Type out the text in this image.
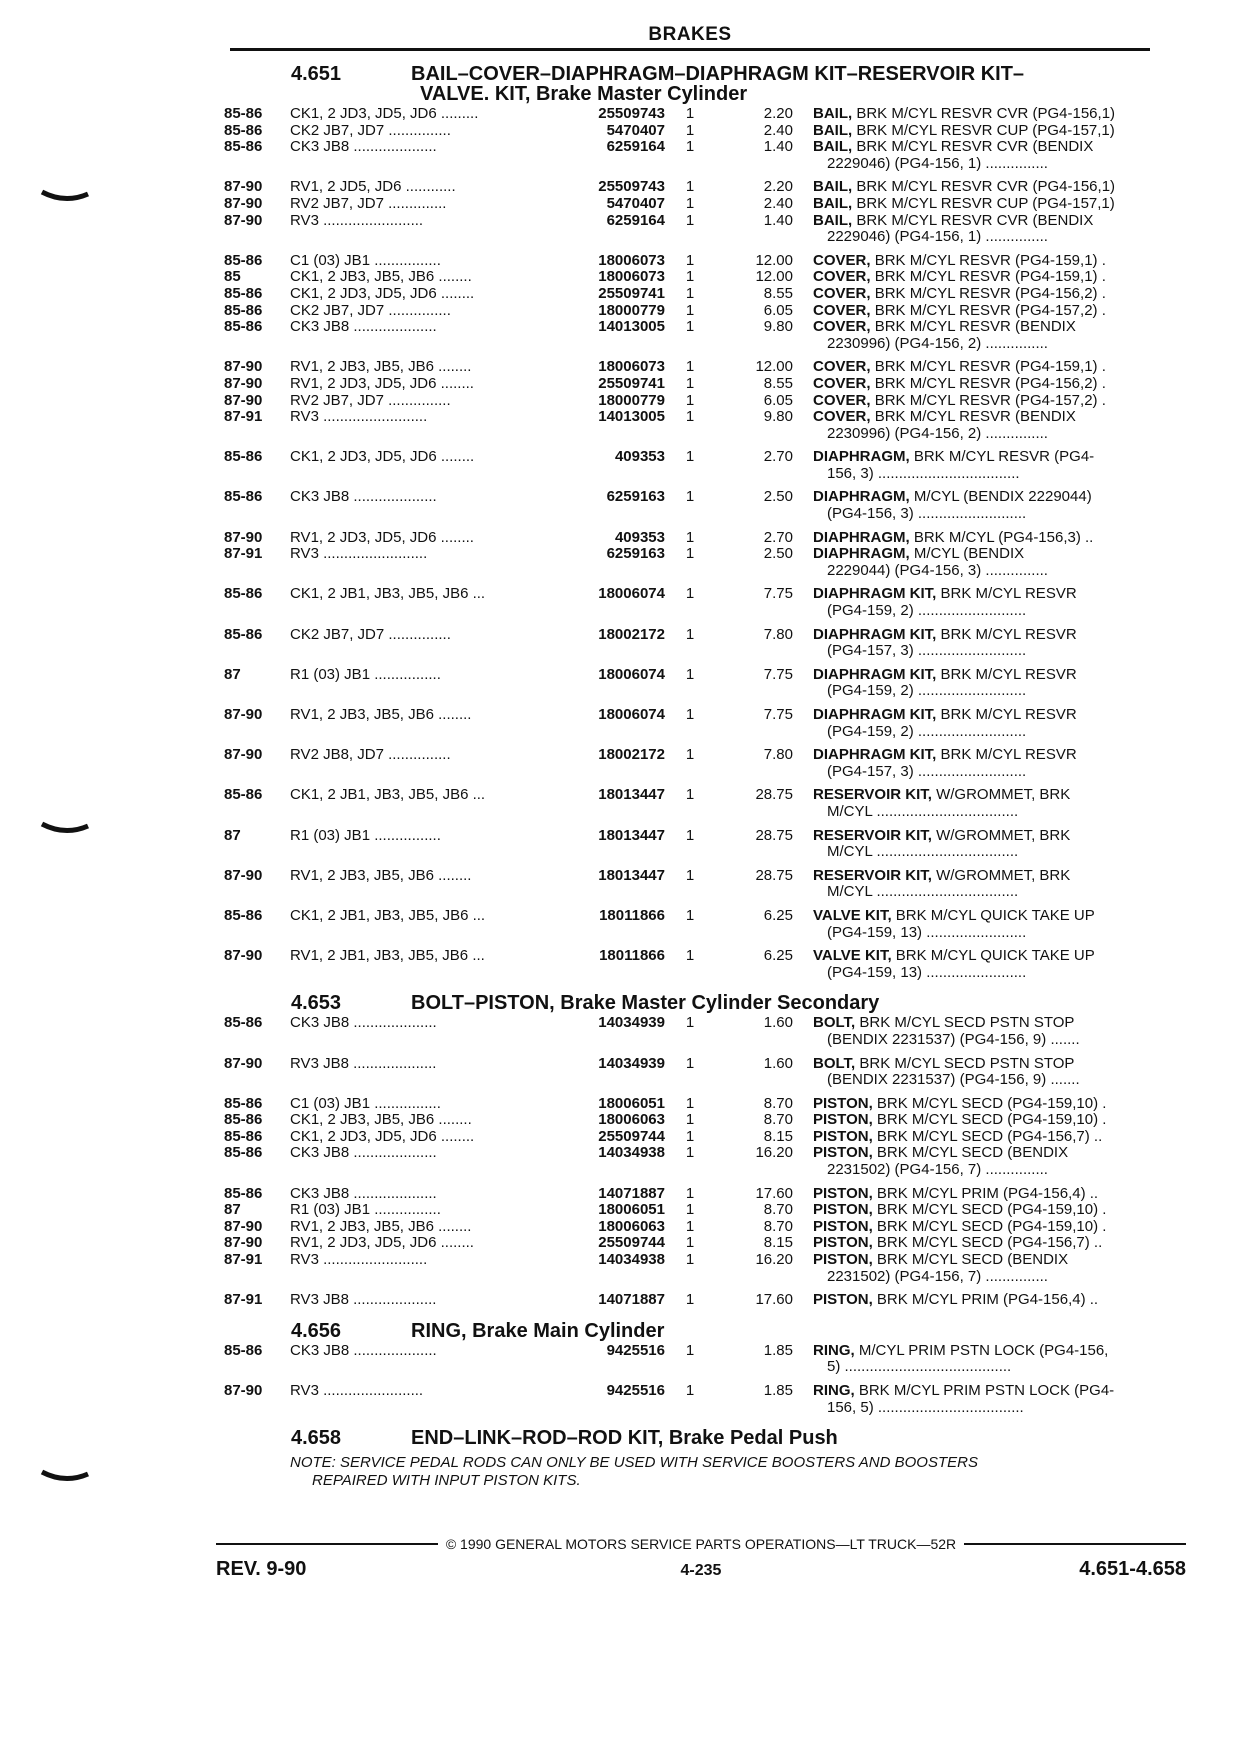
BRAKES
4.651	BAIL–COVER–DIAPHRAGM–DIAPHRAGM KIT–RESERVOIR KIT–
VALVE. KIT, Brake Master Cylinder
85-86	CK1, 2 JD3, JD5, JD6 .........	25509743	1	2.20 BAIL, BRK M/CYL RESVR CVR (PG4-156,1)
85-86	CK2 JB7, JD7 ...............	5470407	1	2.40 BAIL, BRK M/CYL RESVR CUP (PG4-157,1)
85-86	CK3 JB8 ....................	6259164	1	1.40 BAIL, BRK M/CYL RESVR CVR (BENDIX
2229046) (PG4-156, 1) ...............
87-90	RV1, 2 JD5, JD6 ............	25509743	1	2.20 BAIL, BRK M/CYL RESVR CVR (PG4-156,1)
87-90	RV2 JB7, JD7 ..............	5470407	1	2.40 BAIL, BRK M/CYL RESVR CUP (PG4-157,1)
87-90	RV3 ........................	6259164	1	1.40 BAIL, BRK M/CYL RESVR CVR (BENDIX
2229046) (PG4-156, 1) ...............
85-86	C1 (03) JB1 ................	18006073	1	12.00 COVER, BRK M/CYL RESVR (PG4-159,1) .
85	CK1, 2 JB3, JB5, JB6 ........	18006073	1	12.00 COVER, BRK M/CYL RESVR (PG4-159,1) .
85-86	CK1, 2 JD3, JD5, JD6 ........	25509741	1	8.55 COVER, BRK M/CYL RESVR (PG4-156,2) .
85-86	CK2 JB7, JD7 ...............	18000779	1	6.05 COVER, BRK M/CYL RESVR (PG4-157,2) .
85-86	CK3 JB8 ....................	14013005	1	9.80 COVER, BRK M/CYL RESVR (BENDIX
2230996) (PG4-156, 2) ...............
87-90	RV1, 2 JB3, JB5, JB6 ........	18006073	1	12.00 COVER, BRK M/CYL RESVR (PG4-159,1) .
87-90	RV1, 2 JD3, JD5, JD6 ........	25509741	1	8.55 COVER, BRK M/CYL RESVR (PG4-156,2) .
87-90	RV2 JB7, JD7 ...............	18000779	1	6.05 COVER, BRK M/CYL RESVR (PG4-157,2) .
87-91	RV3 .........................	14013005	1	9.80 COVER, BRK M/CYL RESVR (BENDIX
2230996) (PG4-156, 2) ...............
85-86	CK1, 2 JD3, JD5, JD6 ........	409353	1	2.70 DIAPHRAGM, BRK M/CYL RESVR (PG4-
156, 3) ..................................
85-86	CK3 JB8 ....................	6259163	1	2.50 DIAPHRAGM, M/CYL (BENDIX 2229044)
(PG4-156, 3) ..........................
87-90	RV1, 2 JD3, JD5, JD6 ........	409353	1	2.70 DIAPHRAGM, BRK M/CYL (PG4-156,3) ..
87-91	RV3 .........................	6259163	1	2.50 DIAPHRAGM, M/CYL (BENDIX
2229044) (PG4-156, 3) ...............
85-86	CK1, 2 JB1, JB3, JB5, JB6 ...	18006074	1	7.75 DIAPHRAGM KIT, BRK M/CYL RESVR
(PG4-159, 2) ..........................
85-86	CK2 JB7, JD7 ...............	18002172	1	7.80 DIAPHRAGM KIT, BRK M/CYL RESVR
(PG4-157, 3) ..........................
87	R1 (03) JB1 ................	18006074	1	7.75 DIAPHRAGM KIT, BRK M/CYL RESVR
(PG4-159, 2) ..........................
87-90	RV1, 2 JB3, JB5, JB6 ........	18006074	1	7.75 DIAPHRAGM KIT, BRK M/CYL RESVR
(PG4-159, 2) ..........................
87-90	RV2 JB8, JD7 ...............	18002172	1	7.80 DIAPHRAGM KIT, BRK M/CYL RESVR
(PG4-157, 3) ..........................
85-86	CK1, 2 JB1, JB3, JB5, JB6 ...	18013447	1	28.75 RESERVOIR KIT, W/GROMMET, BRK
M/CYL ..................................
87	R1 (03) JB1 ................	18013447	1	28.75 RESERVOIR KIT, W/GROMMET, BRK
M/CYL ..................................
87-90	RV1, 2 JB3, JB5, JB6 ........	18013447	1	28.75 RESERVOIR KIT, W/GROMMET, BRK
M/CYL ..................................
85-86	CK1, 2 JB1, JB3, JB5, JB6 ...	18011866	1	6.25 VALVE KIT, BRK M/CYL QUICK TAKE UP
(PG4-159, 13) ........................
87-90	RV1, 2 JB1, JB3, JB5, JB6 ...	18011866	1	6.25 VALVE KIT, BRK M/CYL QUICK TAKE UP
(PG4-159, 13) ........................
4.653	BOLT–PISTON, Brake Master Cylinder Secondary
85-86	CK3 JB8 ....................	14034939	1	1.60 BOLT, BRK M/CYL SECD PSTN STOP
(BENDIX 2231537) (PG4-156, 9) .......
87-90	RV3 JB8 ....................	14034939	1	1.60 BOLT, BRK M/CYL SECD PSTN STOP
(BENDIX 2231537) (PG4-156, 9) .......
85-86	C1 (03) JB1 ................	18006051	1	8.70 PISTON, BRK M/CYL SECD (PG4-159,10) .
85-86	CK1, 2 JB3, JB5, JB6 ........	18006063	1	8.70 PISTON, BRK M/CYL SECD (PG4-159,10) .
85-86	CK1, 2 JD3, JD5, JD6 ........	25509744	1	8.15 PISTON, BRK M/CYL SECD (PG4-156,7) ..
85-86	CK3 JB8 ....................	14034938	1	16.20 PISTON, BRK M/CYL SECD (BENDIX
2231502) (PG4-156, 7) ...............
85-86	CK3 JB8 ....................	14071887	1	17.60 PISTON, BRK M/CYL PRIM (PG4-156,4) ..
87	R1 (03) JB1 ................	18006051	1	8.70 PISTON, BRK M/CYL SECD (PG4-159,10) .
87-90	RV1, 2 JB3, JB5, JB6 ........	18006063	1	8.70 PISTON, BRK M/CYL SECD (PG4-159,10) .
87-90	RV1, 2 JD3, JD5, JD6 ........	25509744	1	8.15 PISTON, BRK M/CYL SECD (PG4-156,7) ..
87-91	RV3 .........................	14034938	1	16.20 PISTON, BRK M/CYL SECD (BENDIX
2231502) (PG4-156, 7) ...............
87-91	RV3 JB8 ....................	14071887	1	17.60 PISTON, BRK M/CYL PRIM (PG4-156,4) ..
4.656	RING, Brake Main Cylinder
85-86	CK3 JB8 ....................	9425516	1	1.85 RING, M/CYL PRIM PSTN LOCK (PG4-156,
5) ........................................
87-90	RV3 ........................	9425516	1	1.85 RING, BRK M/CYL PRIM PSTN LOCK (PG4-
156, 5) ...................................
4.658	END–LINK–ROD–ROD KIT, Brake Pedal Push
NOTE: SERVICE PEDAL RODS CAN ONLY BE USED WITH SERVICE BOOSTERS AND BOOSTERS
REPAIRED WITH INPUT PISTON KITS.
© 1990 GENERAL MOTORS SERVICE PARTS OPERATIONS—LT TRUCK—52R
REV. 9-90	4-235	4.651-4.658
